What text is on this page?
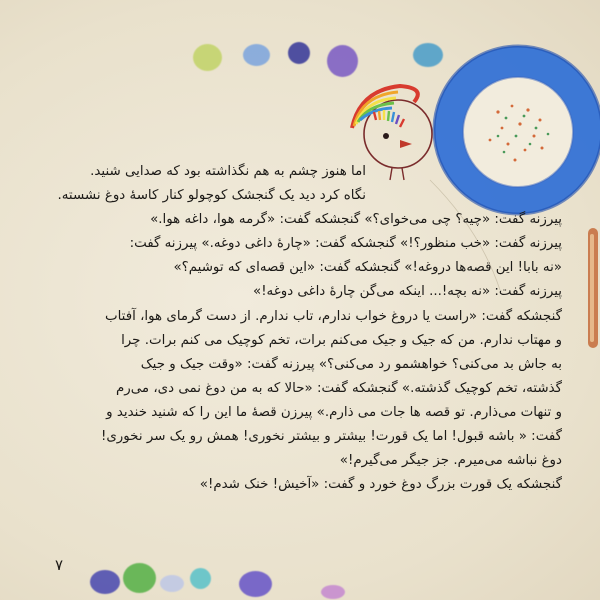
اما هنوز چشم به هم نگذاشته بود که صدایی شنید.
نگاه کرد دید یک گنجشک کوچولو کنار کاسهٔ دوغ نشسته.
پیرزنه گفت: «چیه؟ چی می‌خوای؟» گنجشکه گفت: «گرمه هوا، داغه هوا.»
پیرزنه گفت: «خب منظور؟!» گنجشکه گفت: «چارهٔ داغی دوغه.» پیرزنه گفت:
«نه بابا! این قصه‌ها دروغه!» گنجشکه گفت: «این قصه‌ای که توشیم؟»
پیرزنه گفت: «نه بچه!... اینکه می‌گن چارهٔ داغی دوغه!»
گنجشکه گفت: «راست یا دروغ خواب ندارم، تاب ندارم. از دست گرمای هوا، آفتاب
و مهتاب ندارم. من که جیک و جیک می‌کنم برات، تخم کوچیک می کنم برات. چرا
به جاش بد می‌کنی؟ خواهشمو رد می‌کنی؟» پیرزنه گفت: «وقت جیک و جیک
گذشته، تخم کوچیک گذشته.» گنجشکه گفت: «حالا که به من دوغ نمی دی، می‌رم
و تنهات می‌ذارم. تو قصه ها جات می ذارم.» پیرزن قصهٔ ما این را که شنید خندید و
گفت: « باشه قبول! اما یک قورت! بیشتر و بیشتر نخوری! همش رو یک سر نخوری!
دوغ نباشه می‌میرم. جز جیگر می‌گیرم!»
گنجشکه یک قورت بزرگ دوغ خورد و گفت: «آخیش! خنک شدم!»
۷
